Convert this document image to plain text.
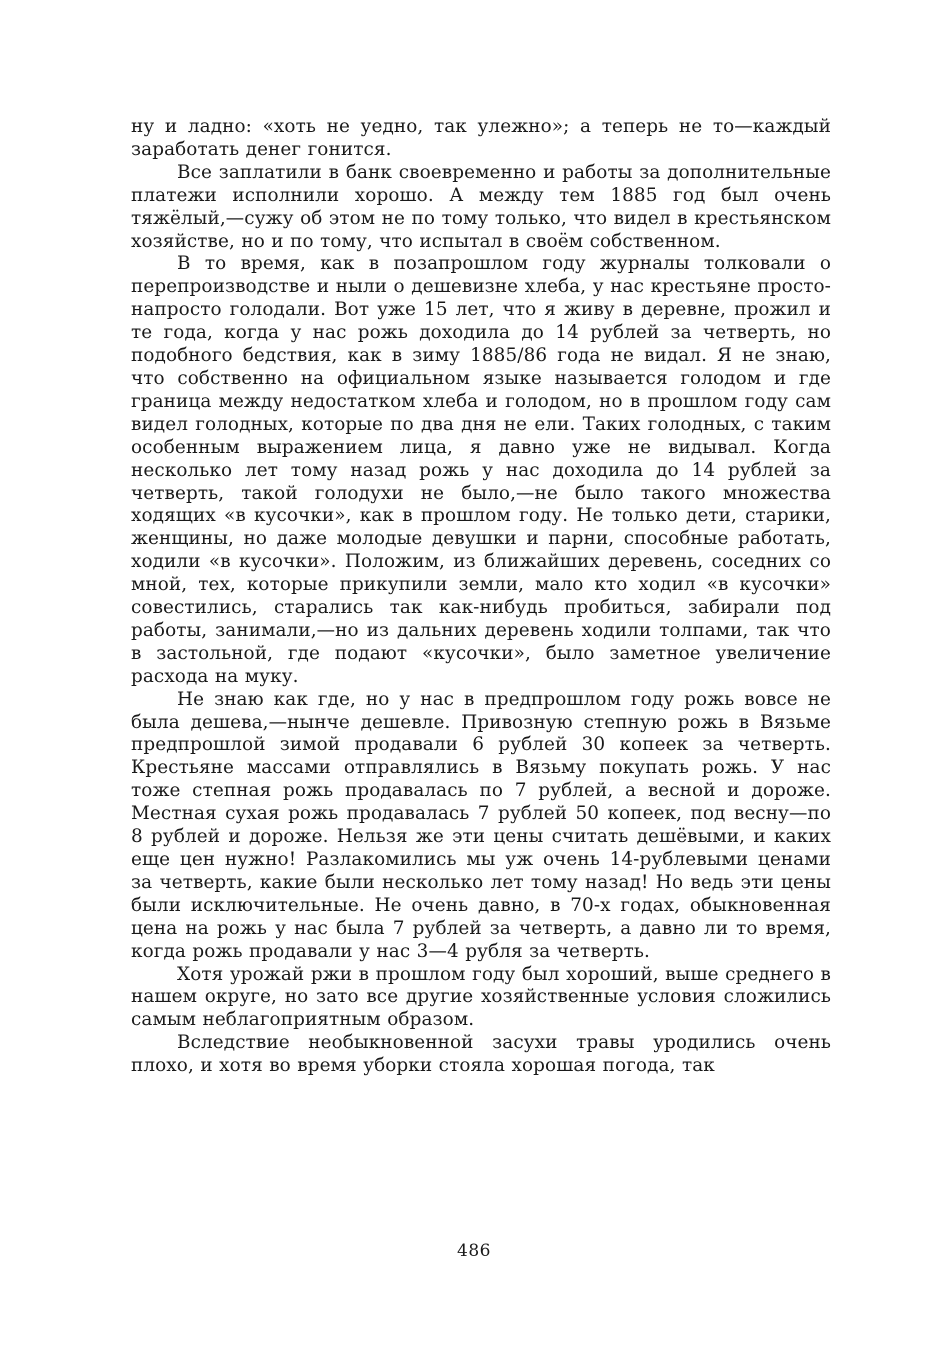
ну и ладно: «хоть не уедно, так улежно»; а теперь не то—каждый заработать денег гонится.

Все заплатили в банк своевременно и работы за дополнительные платежи исполнили хорошо. А между тем 1885 год был очень тяжёлый,—сужу об этом не по тому только, что видел в крестьянском хозяйстве, но и по тому, что испытал в своём собственном.

В то время, как в позапрошлом году журналы толковали о перепроизводстве и ныли о дешевизне хлеба, у нас крестьяне просто-напросто голодали. Вот уже 15 лет, что я живу в деревне, прожил и те года, когда у нас рожь доходила до 14 рублей за четверть, но подобного бедствия, как в зиму 1885/86 года не видал. Я не знаю, что собственно на официальном языке называется голодом и где граница между недостатком хлеба и голодом, но в прошлом году сам видел голодных, которые по два дня не ели. Таких голодных, с таким особенным выражением лица, я давно уже не видывал. Когда несколько лет тому назад рожь у нас доходила до 14 рублей за четверть, такой голодухи не было,—не было такого множества ходящих «в кусочки», как в прошлом году. Не только дети, старики, женщины, но даже молодые девушки и парни, способные работать, ходили «в кусочки». Положим, из ближайших деревень, соседних со мной, тех, которые прикупили земли, мало кто ходил «в кусочки» совестились, старались так как-нибудь пробиться, забирали под работы, занимали,—но из дальних деревень ходили толпами, так что в застольной, где подают «кусочки», было заметное увеличение расхода на муку.

Не знаю как где, но у нас в предпрошлом году рожь вовсе не была дешева,—нынче дешевле. Привозную степную рожь в Вязьме предпрошлой зимой продавали 6 рублей 30 копеек за четверть. Крестьяне массами отправлялись в Вязьму покупать рожь. У нас тоже степная рожь продавалась по 7 рублей, а весной и дороже. Местная сухая рожь продавалась 7 рублей 50 копеек, под весну—по 8 рублей и дороже. Нельзя же эти цены считать дешёвыми, и каких еще цен нужно! Разлакомились мы уж очень 14-рублевыми ценами за четверть, какие были несколько лет тому назад! Но ведь эти цены были исключительные. Не очень давно, в 70-х годах, обыкновенная цена на рожь у нас была 7 рублей за четверть, а давно ли то время, когда рожь продавали у нас 3—4 рубля за четверть.

Хотя урожай ржи в прошлом году был хороший, выше среднего в нашем округе, но зато все другие хозяйственные условия сложились самым неблагоприятным образом.

Вследствие необыкновенной засухи травы уродились очень плохо, и хотя во время уборки стояла хорошая погода, так

486
